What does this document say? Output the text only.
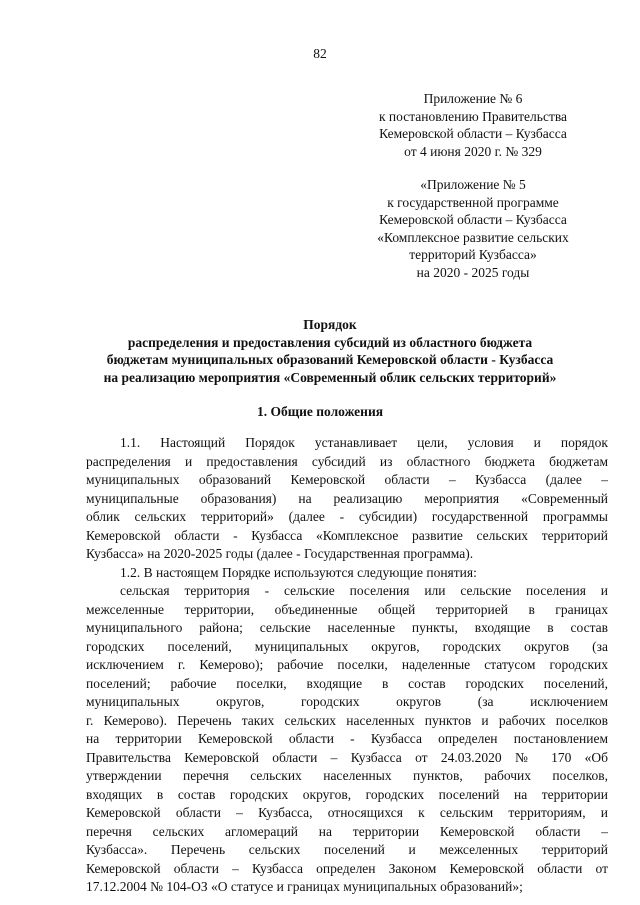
82
Приложение № 6
к постановлению Правительства
Кемеровской области – Кузбасса
от 4 июня 2020 г. № 329
«Приложение № 5
к государственной программе
Кемеровской области – Кузбасса
«Комплексное развитие сельских
территорий Кузбасса»
на 2020 - 2025 годы
Порядок
распределения и предоставления субсидий из областного бюджета
бюджетам муниципальных образований Кемеровской области - Кузбасса
на реализацию мероприятия «Современный облик сельских территорий»
1. Общие положения
1.1. Настоящий Порядок устанавливает цели, условия и порядок
распределения и предоставления субсидий из областного бюджета бюджетам
муниципальных образований Кемеровской области – Кузбасса (далее –
муниципальные образования) на реализацию мероприятия «Современный
облик сельских территорий» (далее - субсидии) государственной программы
Кемеровской области - Кузбасса «Комплексное развитие сельских территорий
Кузбасса» на 2020-2025 годы (далее - Государственная программа).
1.2. В настоящем Порядке используются следующие понятия:
сельская территория - сельские поселения или сельские поселения и
межселенные территории, объединенные общей территорией в границах
муниципального района; сельские населенные пункты, входящие в состав
городских поселений, муниципальных округов, городских округов (за
исключением г. Кемерово); рабочие поселки, наделенные статусом городских
поселений; рабочие поселки, входящие в состав городских поселений,
муниципальных округов, городских округов (за исключением
г. Кемерово). Перечень таких сельских населенных пунктов и рабочих поселков
на территории Кемеровской области - Кузбасса определен постановлением
Правительства Кемеровской области – Кузбасса от 24.03.2020 № 170 «Об
утверждении перечня сельских населенных пунктов, рабочих поселков,
входящих в состав городских округов, городских поселений на территории
Кемеровской области – Кузбасса, относящихся к сельским территориям, и
перечня сельских агломераций на территории Кемеровской области –
Кузбасса». Перечень сельских поселений и межселенных территорий
Кемеровской области – Кузбасса определен Законом Кемеровской области от
17.12.2004 № 104-ОЗ «О статусе и границах муниципальных образований»;
